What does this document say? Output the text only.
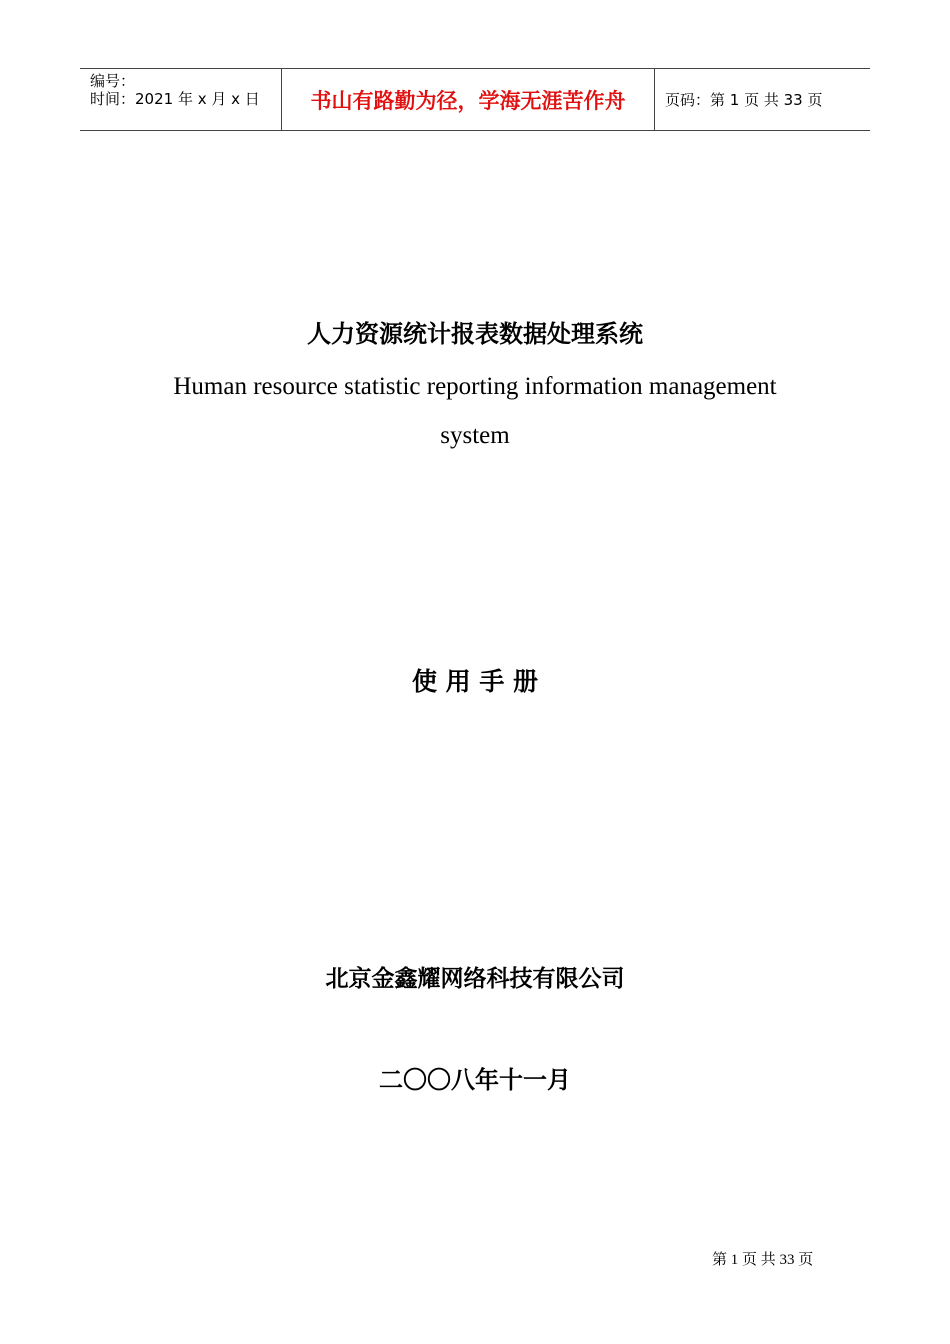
编号：
时间：2021 年 x 月 x 日 书山有路勤为径，学海无涯苦作舟	页码：第 1 页 共 33 页
人力资源统计报表数据处理系统
Human resource statistic reporting information management system
使 用 手 册
北京金鑫耀网络科技有限公司
二〇〇八年十一月
第 1 页 共 33 页
